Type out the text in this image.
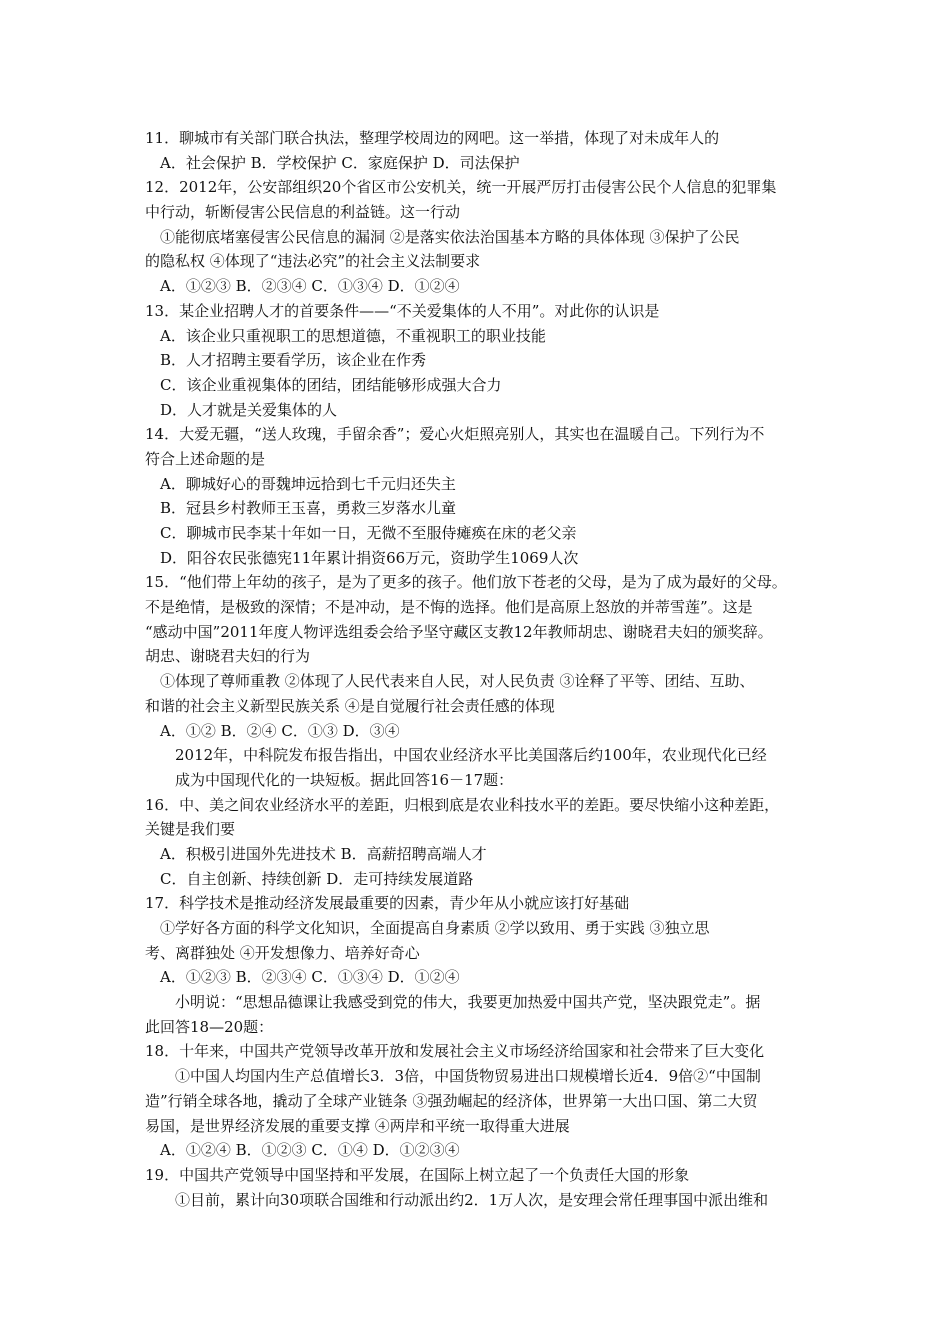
11．聊城市有关部门联合执法，整理学校周边的网吧。这一举措，体现了对未成年人的
A．社会保护 B．学校保护 C．家庭保护 D．司法保护
12．2012年，公安部组织20个省区市公安机关，统一开展严厉打击侵害公民个人信息的犯罪集
中行动，斩断侵害公民信息的利益链。这一行动
①能彻底堵塞侵害公民信息的漏洞 ②是落实依法治国基本方略的具体体现 ③保护了公民
的隐私权 ④体现了“违法必究”的社会主义法制要求
A．①②③ B．②③④ C．①③④ D．①②④
13．某企业招聘人才的首要条件——“不关爱集体的人不用”。对此你的认识是
A．该企业只重视职工的思想道德，不重视职工的职业技能
B．人才招聘主要看学历，该企业在作秀
C．该企业重视集体的团结，团结能够形成强大合力
D．人才就是关爱集体的人
14．大爱无疆，“送人玫瑰，手留余香”；爱心火炬照亮别人，其实也在温暖自己。下列行为不
符合上述命题的是
A．聊城好心的哥魏坤远拾到七千元归还失主
B．冠县乡村教师王玉喜，勇救三岁落水儿童
C．聊城市民李某十年如一日，无微不至服侍瘫痪在床的老父亲
D．阳谷农民张德宪11年累计捐资66万元，资助学生1069人次
15．“他们带上年幼的孩子，是为了更多的孩子。他们放下苍老的父母，是为了成为最好的父母。
不是绝情，是极致的深情；不是冲动，是不悔的选择。他们是高原上怒放的并蒂雪莲”。这是
“感动中国”2011年度人物评选组委会给予坚守藏区支教12年教师胡忠、谢晓君夫妇的颁奖辞。
胡忠、谢晓君夫妇的行为
①体现了尊师重教 ②体现了人民代表来自人民，对人民负责 ③诠释了平等、团结、互助、
和谐的社会主义新型民族关系 ④是自觉履行社会责任感的体现
A．①② B．②④ C．①③ D．③④
2012年，中科院发布报告指出，中国农业经济水平比美国落后约100年，农业现代化已经
成为中国现代化的一块短板。据此回答16－17题：
16．中、美之间农业经济水平的差距，归根到底是农业科技水平的差距。要尽快缩小这种差距，
关键是我们要
A．积极引进国外先进技术 B．高薪招聘高端人才
C．自主创新、持续创新 D．走可持续发展道路
17．科学技术是推动经济发展最重要的因素，青少年从小就应该打好基础
①学好各方面的科学文化知识，全面提高自身素质 ②学以致用、勇于实践 ③独立思
考、离群独处 ④开发想像力、培养好奇心
A．①②③ B．②③④ C．①③④ D．①②④
小明说：“思想品德课让我感受到党的伟大，我要更加热爱中国共产党，坚决跟党走”。据
此回答18—20题：
18．十年来，中国共产党领导改革开放和发展社会主义市场经济给国家和社会带来了巨大变化
①中国人均国内生产总值增长3．3倍，中国货物贸易进出口规模增长近4．9倍②“中国制
造”行销全球各地，撬动了全球产业链条 ③强劲崛起的经济体，世界第一大出口国、第二大贸
易国，是世界经济发展的重要支撑 ④两岸和平统一取得重大进展
A．①②④ B．①②③ C．①④ D．①②③④
19．中国共产党领导中国坚持和平发展，在国际上树立起了一个负责任大国的形象
①目前，累计向30项联合国维和行动派出约2．1万人次，是安理会常任理事国中派出维和
